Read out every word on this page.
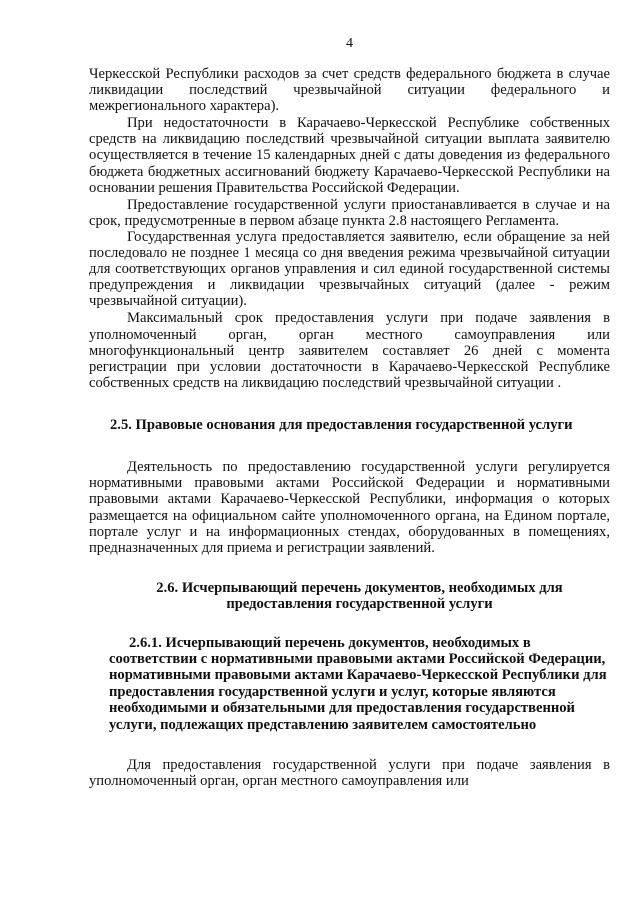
4

Черкесской Республики расходов за счет средств федерального бюджета в случае ликвидации последствий чрезвычайной ситуации федерального и межрегионального характера).

При недостаточности в Карачаево-Черкесской Республике собственных средств на ликвидацию последствий чрезвычайной ситуации выплата заявителю осуществляется в течение 15 календарных дней с даты доведения из федерального бюджета бюджетных ассигнований бюджету Карачаево-Черкесской Республики на основании решения Правительства Российской Федерации.

Предоставление государственной услуги приостанавливается в случае и на срок, предусмотренные в первом абзаце пункта 2.8 настоящего Регламента.

Государственная услуга предоставляется заявителю, если обращение за ней последовало не позднее 1 месяца со дня введения режима чрезвычайной ситуации для соответствующих органов управления и сил единой государственной системы предупреждения и ликвидации чрезвычайных ситуаций (далее - режим чрезвычайной ситуации).

Максимальный срок предоставления услуги при подаче заявления в уполномоченный орган, орган местного самоуправления или многофункциональный центр заявителем составляет 26 дней с момента регистрации при условии достаточности в Карачаево-Черкесской Республике собственных средств на ликвидацию последствий чрезвычайной ситуации .

2.5. Правовые основания для предоставления государственной услуги

Деятельность по предоставлению государственной услуги регулируется нормативными правовыми актами Российской Федерации и нормативными правовыми актами Карачаево-Черкесской Республики, информация о которых размещается на официальном сайте уполномоченного органа, на Едином портале, портале услуг и на информационных стендах, оборудованных в помещениях, предназначенных для приема и регистрации заявлений.

2.6. Исчерпывающий перечень документов, необходимых для предоставления государственной услуги
2.6.1. Исчерпывающий перечень документов, необходимых в соответствии с нормативными правовыми актами Российской Федерации, нормативными правовыми актами Карачаево-Черкесской Республики для предоставления государственной услуги и услуг, которые являются необходимыми и обязательными для предоставления государственной услуги, подлежащих представлению заявителем самостоятельно

Для предоставления государственной услуги при подаче заявления в уполномоченный орган, орган местного самоуправления или
